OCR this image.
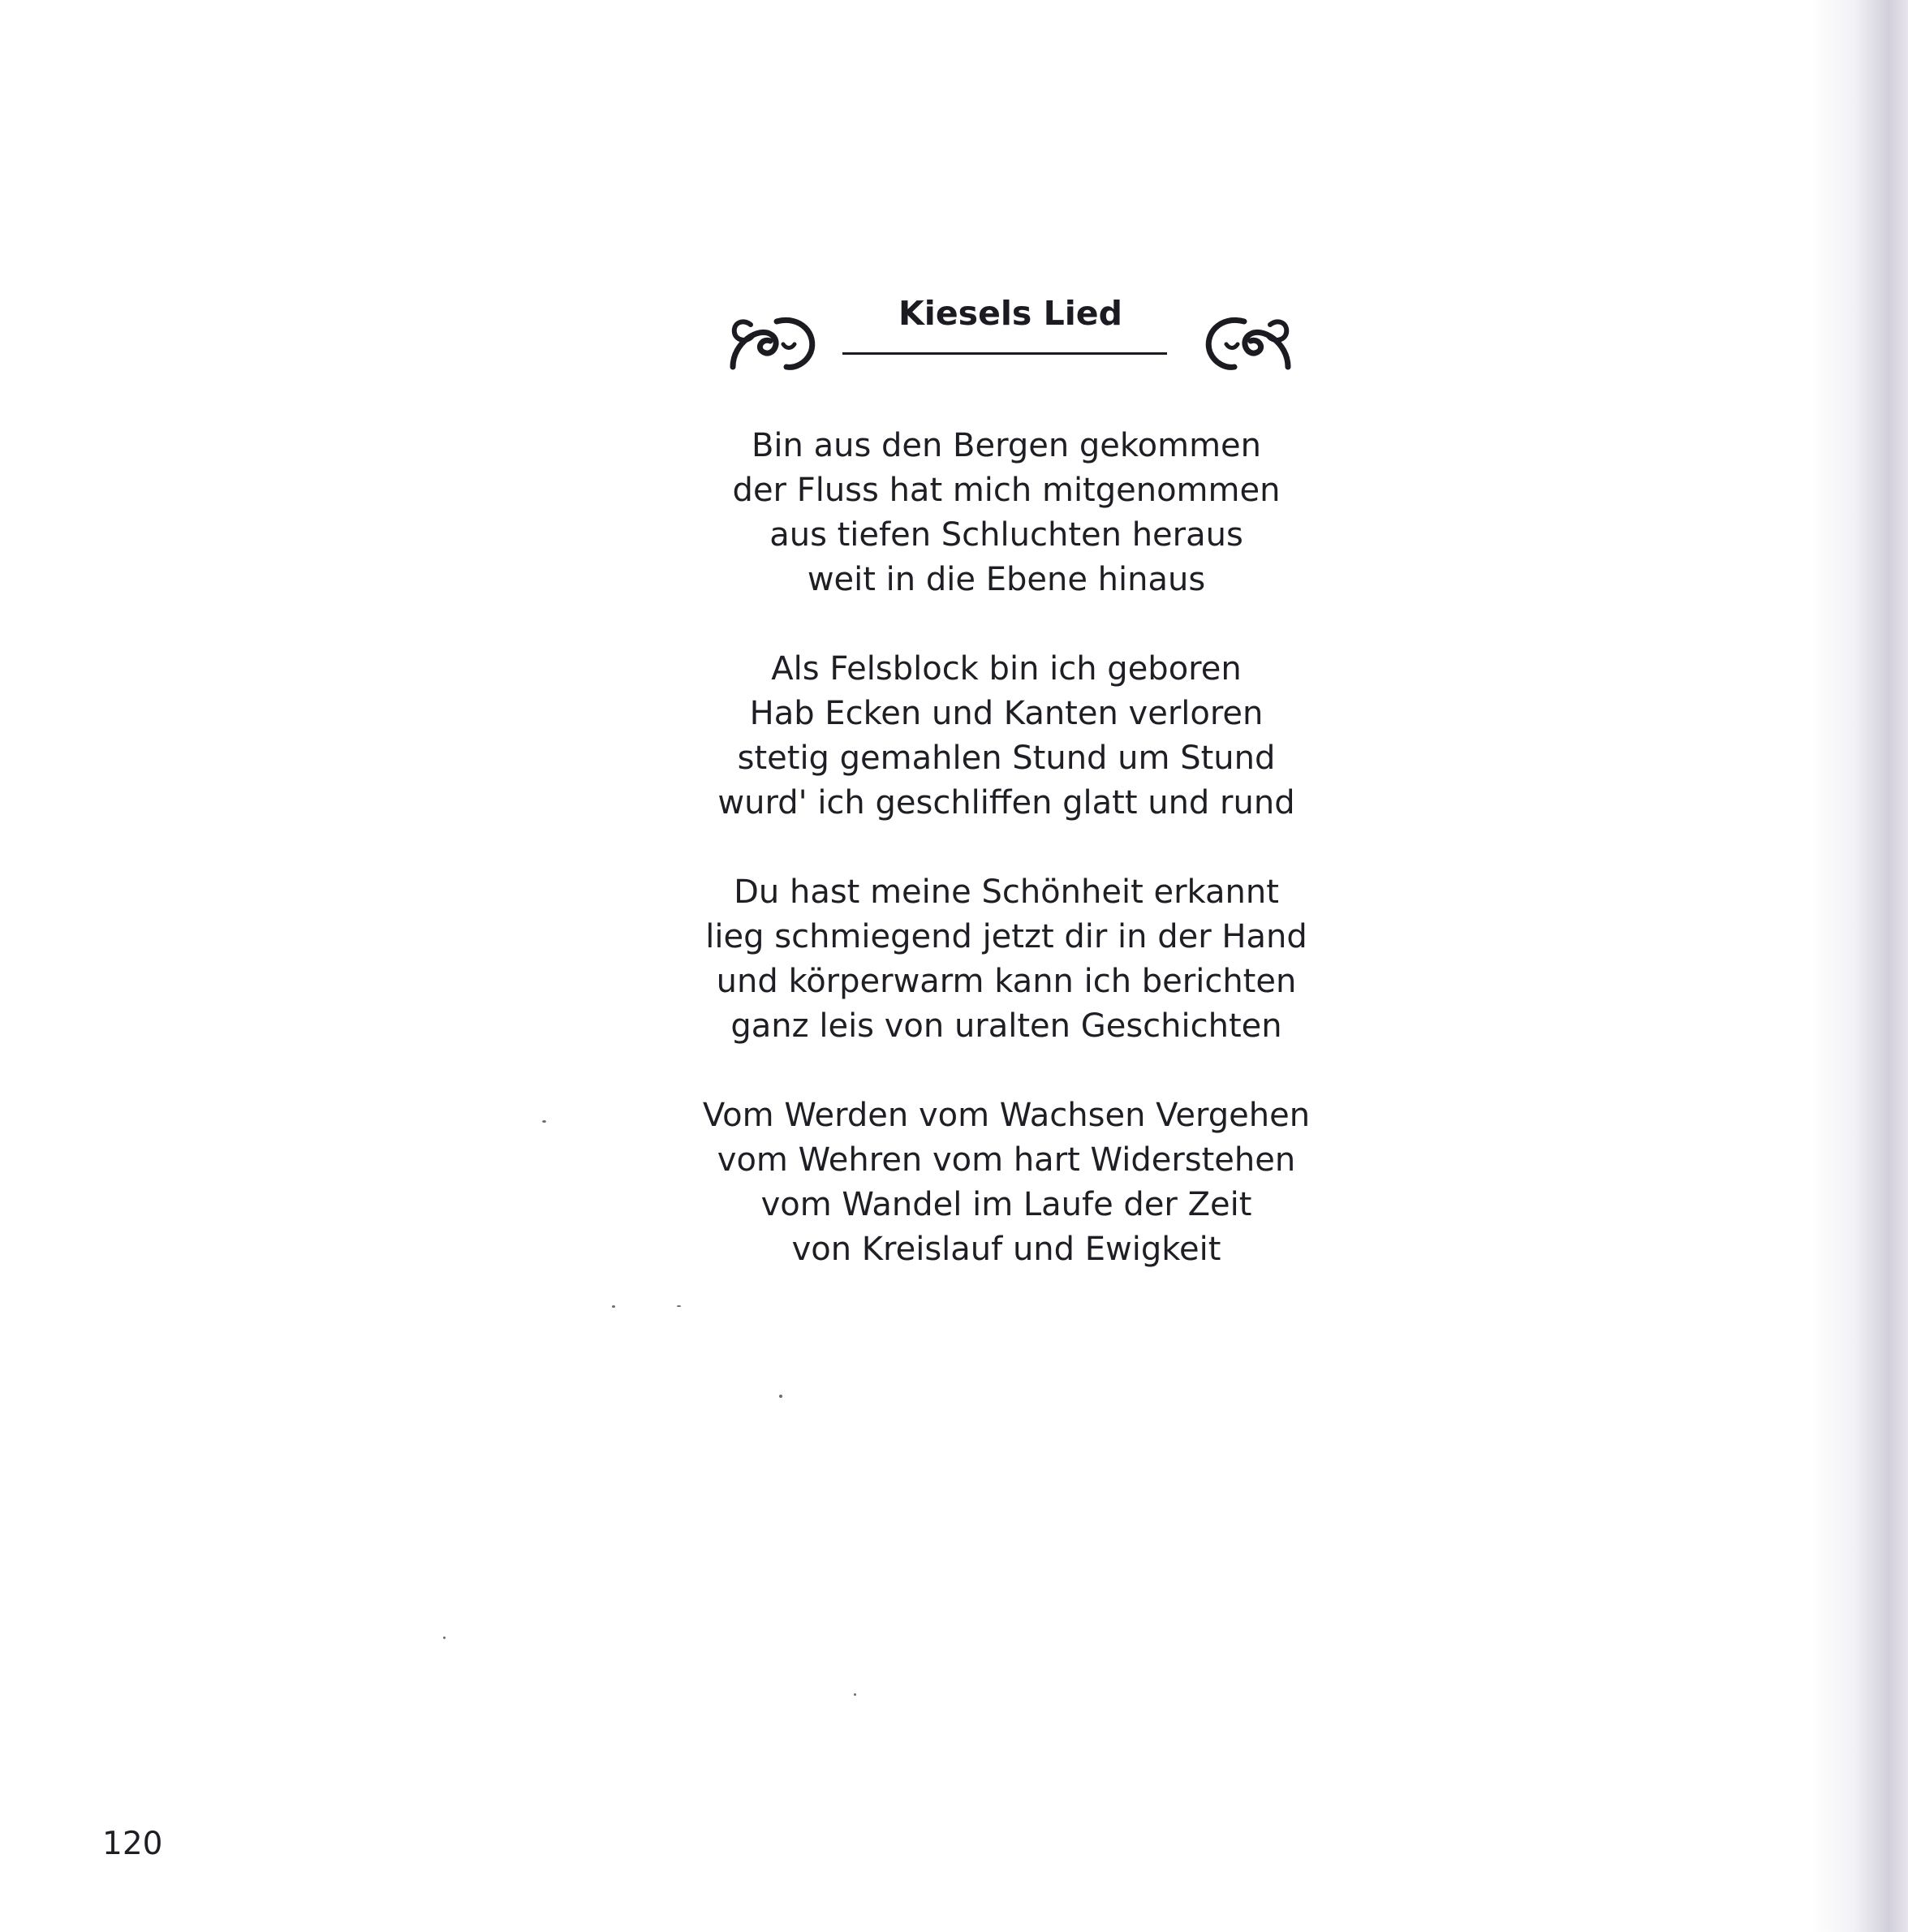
Kiesels Lied
Bin aus den Bergen gekommen
der Fluss hat mich mitgenommen
aus tiefen Schluchten heraus
weit in die Ebene hinaus
Als Felsblock bin ich geboren
Hab Ecken und Kanten verloren
stetig gemahlen Stund um Stund
wurd' ich geschliffen glatt und rund
Du hast meine Schönheit erkannt
lieg schmiegend jetzt dir in der Hand
und körperwarm kann ich berichten
ganz leis von uralten Geschichten
Vom Werden vom Wachsen Vergehen
vom Wehren vom hart Widerstehen
vom Wandel im Laufe der Zeit
von Kreislauf und Ewigkeit
120
